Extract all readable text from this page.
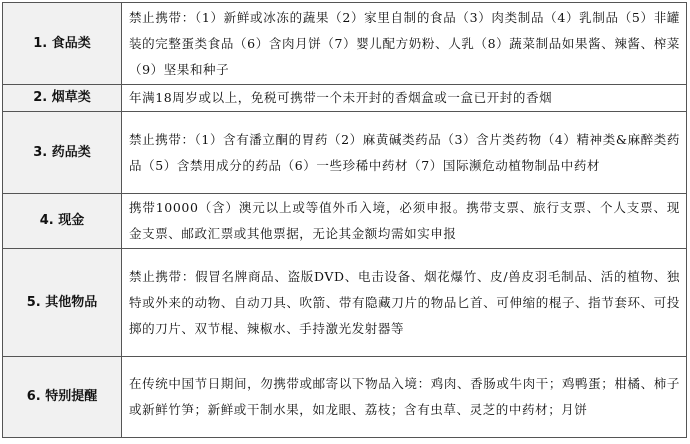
1. 食品类	禁止携带：（1）新鲜或冰冻的蔬果（2）家里自制的食品（3）肉类制品（4）乳制品（5）非罐装的完整蛋类食品（6）含肉月饼（7）婴儿配方奶粉、人乳（8）蔬菜制品如果酱、辣酱、榨菜（9）坚果和种子
2. 烟草类	年满18周岁或以上，免税可携带一个未开封的香烟盒或一盒已开封的香烟
3. 药品类	禁止携带：（1）含有潘立酮的胃药（2）麻黄碱类药品（3）含片类药物（4）精神类&麻醉类药品（5）含禁用成分的药品（6）一些珍稀中药材（7）国际濒危动植物制品中药材
4. 现金	携带10000（含）澳元以上或等值外币入境，必须申报。携带支票、旅行支票、个人支票、现金支票、邮政汇票或其他票据，无论其金额均需如实申报
5. 其他物品	禁止携带：假冒名牌商品、盗版DVD、电击设备、烟花爆竹、皮/兽皮羽毛制品、活的植物、独特或外来的动物、自动刀具、吹箭、带有隐藏刀片的物品匕首、可伸缩的棍子、指节套环、可投掷的刀片、双节棍、辣椒水、手持激光发射器等
6. 特别提醒	在传统中国节日期间，勿携带或邮寄以下物品入境：鸡肉、香肠或牛肉干；鸡鸭蛋；柑橘、柿子或新鲜竹笋；新鲜或干制水果，如龙眼、荔枝；含有虫草、灵芝的中药材；月饼
